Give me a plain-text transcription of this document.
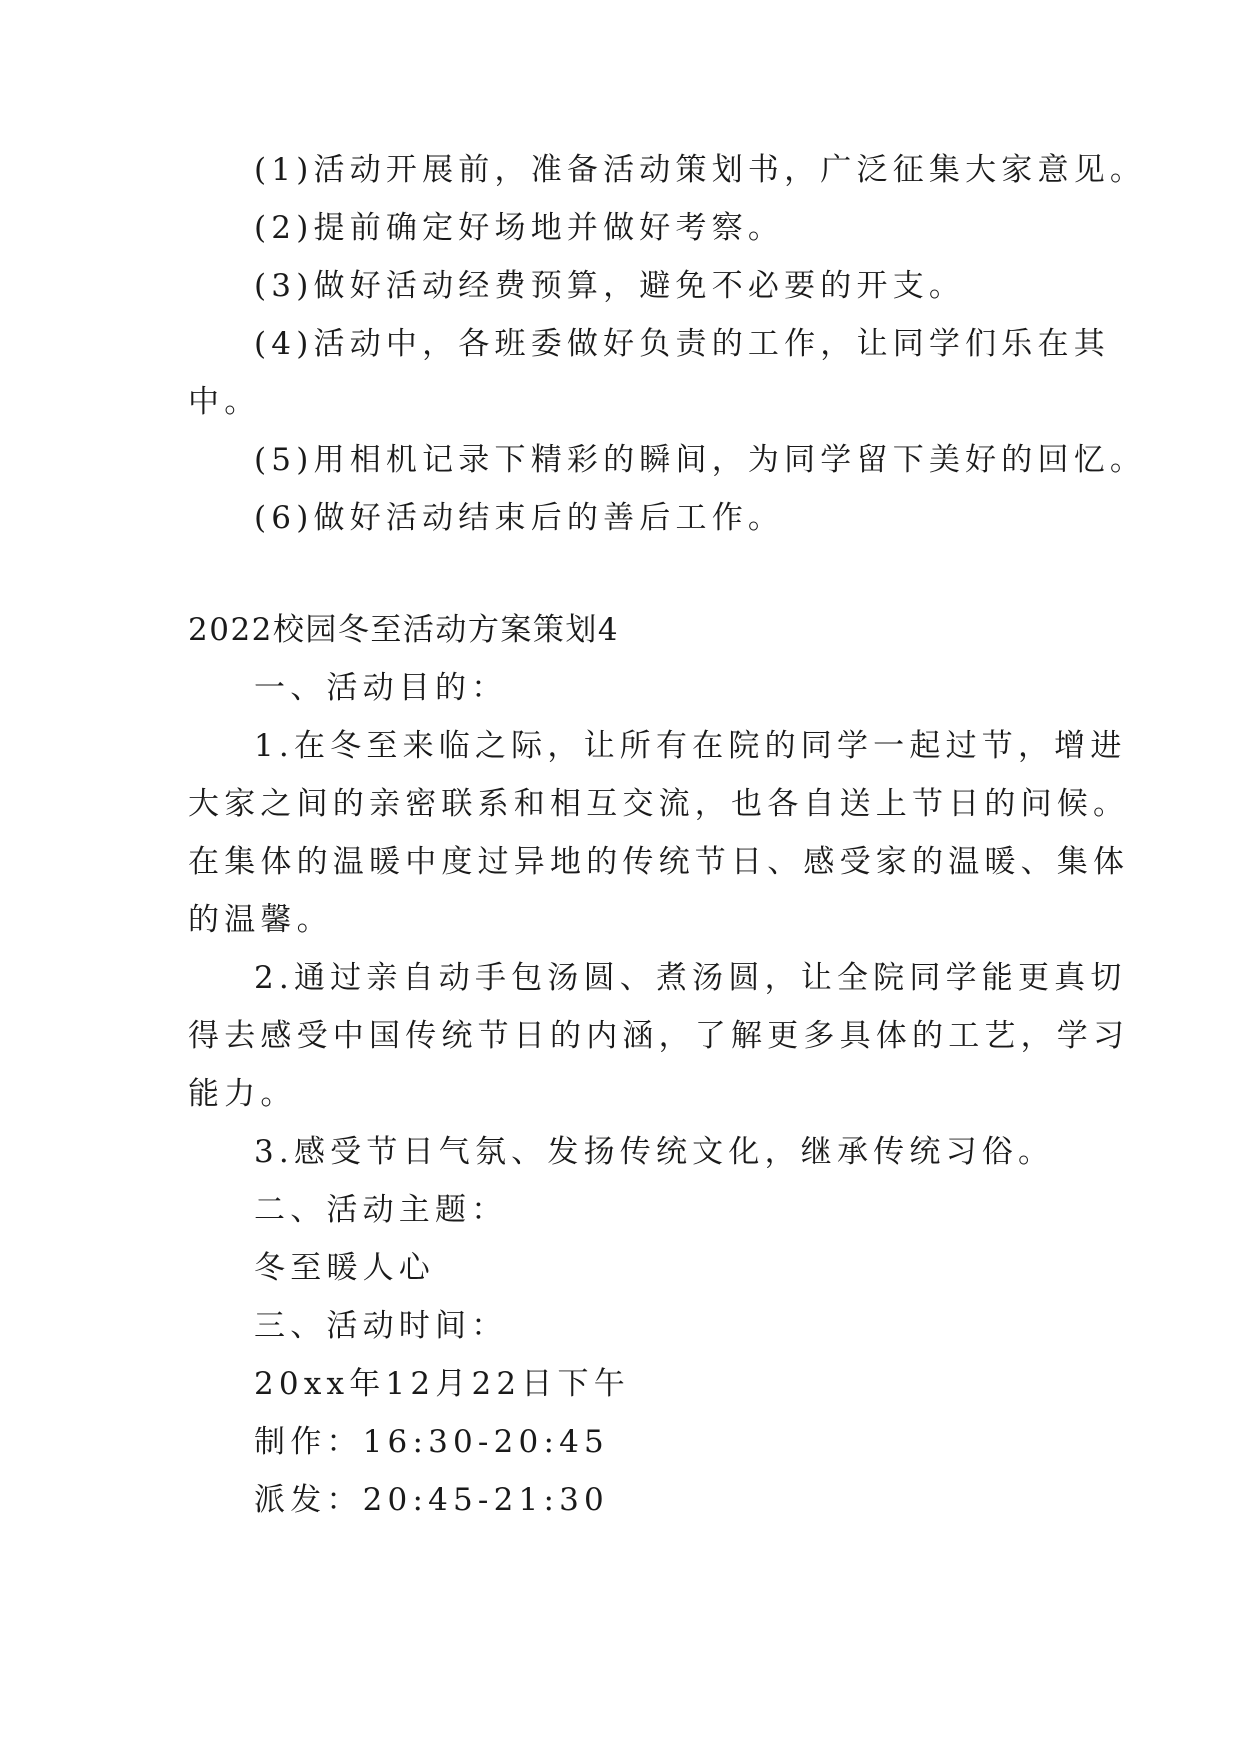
(1)活动开展前，准备活动策划书，广泛征集大家意见。
(2)提前确定好场地并做好考察。
(3)做好活动经费预算，避免不必要的开支。
(4)活动中，各班委做好负责的工作，让同学们乐在其
中。
(5)用相机记录下精彩的瞬间，为同学留下美好的回忆。
(6)做好活动结束后的善后工作。
2022校园冬至活动方案策划4
一、活动目的：
1.在冬至来临之际，让所有在院的同学一起过节，增进
大家之间的亲密联系和相互交流，也各自送上节日的问候。
在集体的温暖中度过异地的传统节日、感受家的温暖、集体
的温馨。
2.通过亲自动手包汤圆、煮汤圆，让全院同学能更真切
得去感受中国传统节日的内涵，了解更多具体的工艺，学习
能力。
3.感受节日气氛、发扬传统文化，继承传统习俗。
二、活动主题：
冬至暖人心
三、活动时间：
20xx年12月22日下午
制作：16:30-20:45
派发：20:45-21:30
